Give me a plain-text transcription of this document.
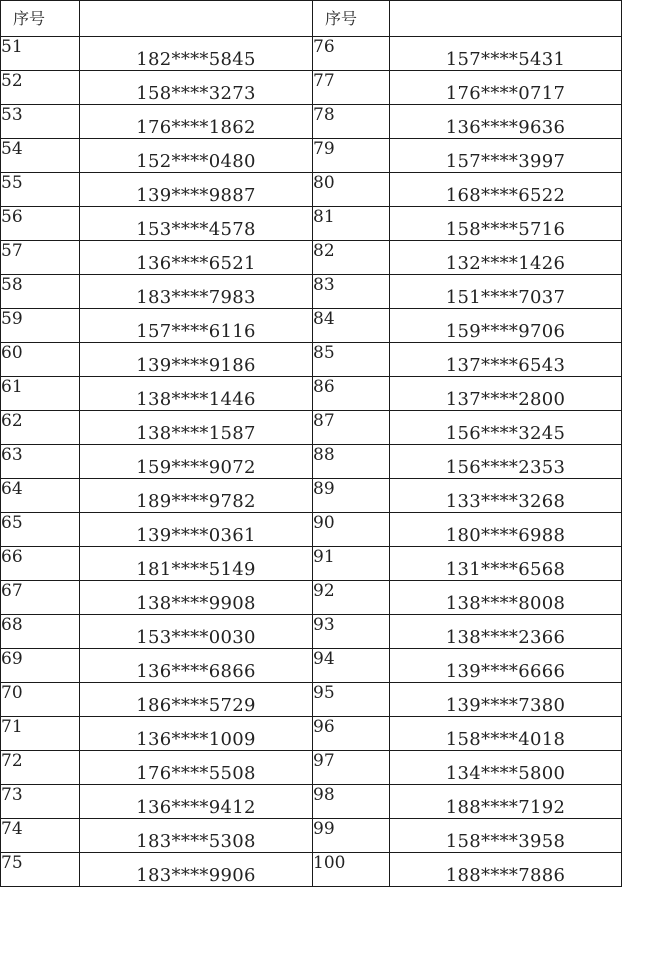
序号		序号	
51	182****5845	76	157****5431
52	158****3273	77	176****0717
53	176****1862	78	136****9636
54	152****0480	79	157****3997
55	139****9887	80	168****6522
56	153****4578	81	158****5716
57	136****6521	82	132****1426
58	183****7983	83	151****7037
59	157****6116	84	159****9706
60	139****9186	85	137****6543
61	138****1446	86	137****2800
62	138****1587	87	156****3245
63	159****9072	88	156****2353
64	189****9782	89	133****3268
65	139****0361	90	180****6988
66	181****5149	91	131****6568
67	138****9908	92	138****8008
68	153****0030	93	138****2366
69	136****6866	94	139****6666
70	186****5729	95	139****7380
71	136****1009	96	158****4018
72	176****5508	97	134****5800
73	136****9412	98	188****7192
74	183****5308	99	158****3958
75	183****9906	100	188****7886
